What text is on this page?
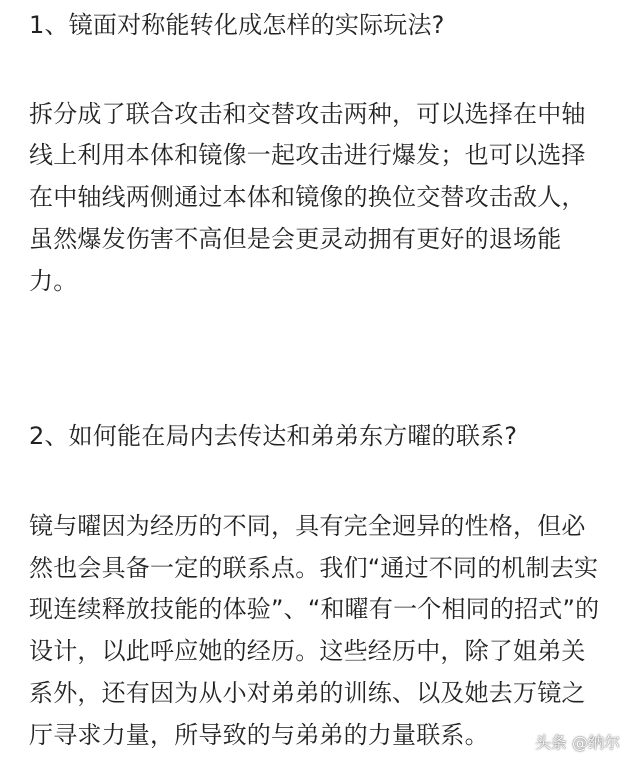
1、镜面对称能转化成怎样的实际玩法?
拆分成了联合攻击和交替攻击两种，可以选择在中轴
线上利用本体和镜像一起攻击进行爆发；也可以选择
在中轴线两侧通过本体和镜像的换位交替攻击敌人，
虽然爆发伤害不高但是会更灵动拥有更好的退场能
力。
2、如何能在局内去传达和弟弟东方曜的联系?
镜与曜因为经历的不同，具有完全迥异的性格，但必
然也会具备一定的联系点。我们“通过不同的机制去实
现连续释放技能的体验”、“和曜有一个相同的招式”的
设计，以此呼应她的经历。这些经历中，除了姐弟关
系外，还有因为从小对弟弟的训练、以及她去万镜之
厅寻求力量，所导致的与弟弟的力量联系。	头条 @纳尔
